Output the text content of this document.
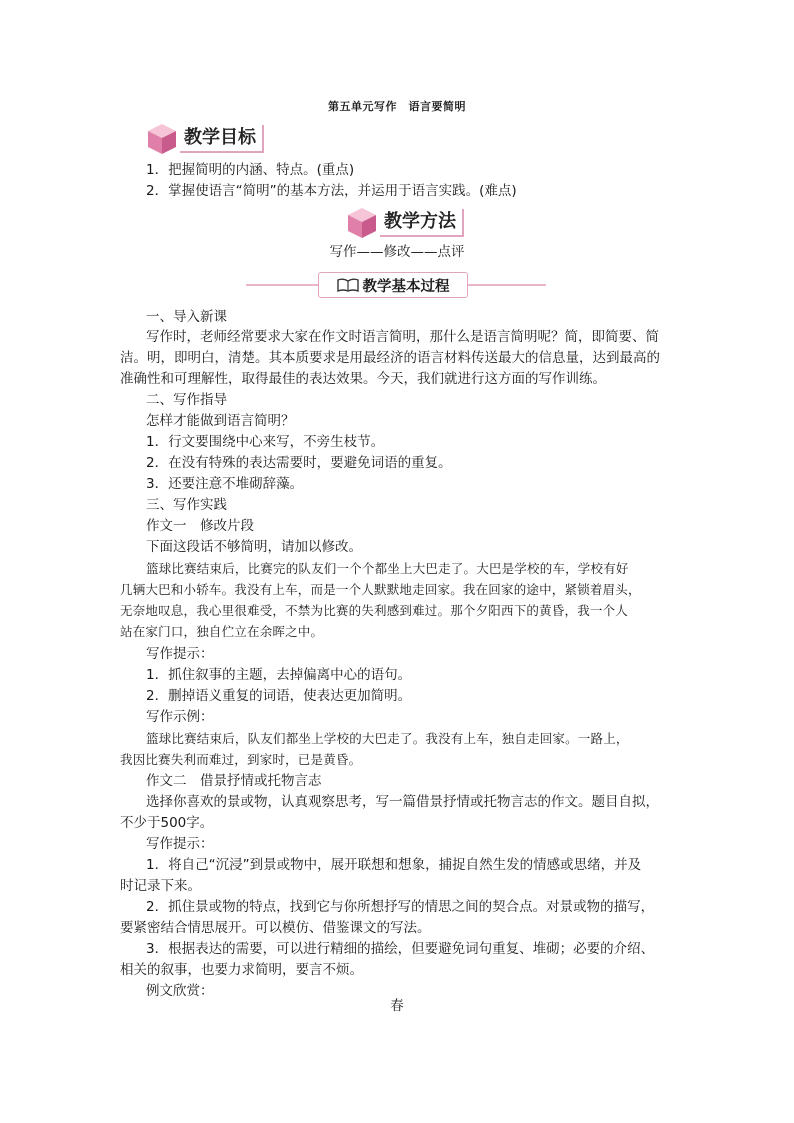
第五单元写作　语言要简明
教学目标
1．把握简明的内涵、特点。(重点)
2．掌握使语言“简明”的基本方法，并运用于语言实践。(难点)
教学方法
写作——修改——点评
教学基本过程
一、导入新课
写作时，老师经常要求大家在作文时语言简明，那什么是语言简明呢？简，即简要、简
洁。明，即明白，清楚。其本质要求是用最经济的语言材料传送最大的信息量，达到最高的
准确性和可理解性，取得最佳的表达效果。今天，我们就进行这方面的写作训练。
二、写作指导
怎样才能做到语言简明？
1．行文要围绕中心来写，不旁生枝节。
2．在没有特殊的表达需要时，要避免词语的重复。
3．还要注意不堆砌辞藻。
三、写作实践
作文一　修改片段
下面这段话不够简明，请加以修改。
篮球比赛结束后，比赛完的队友们一个个都坐上大巴走了。大巴是学校的车，学校有好
几辆大巴和小轿车。我没有上车，而是一个人默默地走回家。我在回家的途中，紧锁着眉头，
无奈地叹息，我心里很难受，不禁为比赛的失利感到难过。那个夕阳西下的黄昏，我一个人
站在家门口，独自伫立在余晖之中。
写作提示：
1．抓住叙事的主题，去掉偏离中心的语句。
2．删掉语义重复的词语，使表达更加简明。
写作示例：
篮球比赛结束后，队友们都坐上学校的大巴走了。我没有上车，独自走回家。一路上，
我因比赛失利而难过，到家时，已是黄昏。
作文二　借景抒情或托物言志
选择你喜欢的景或物，认真观察思考，写一篇借景抒情或托物言志的作文。题目自拟，
不少于500字。
写作提示：
1．将自己“沉浸”到景或物中，展开联想和想象，捕捉自然生发的情感或思绪，并及
时记录下来。
2．抓住景或物的特点，找到它与你所想抒写的情思之间的契合点。对景或物的描写，
要紧密结合情思展开。可以模仿、借鉴课文的写法。
3．根据表达的需要，可以进行精细的描绘，但要避免词句重复、堆砌；必要的介绍、
相关的叙事，也要力求简明，要言不烦。
例文欣赏：
春
